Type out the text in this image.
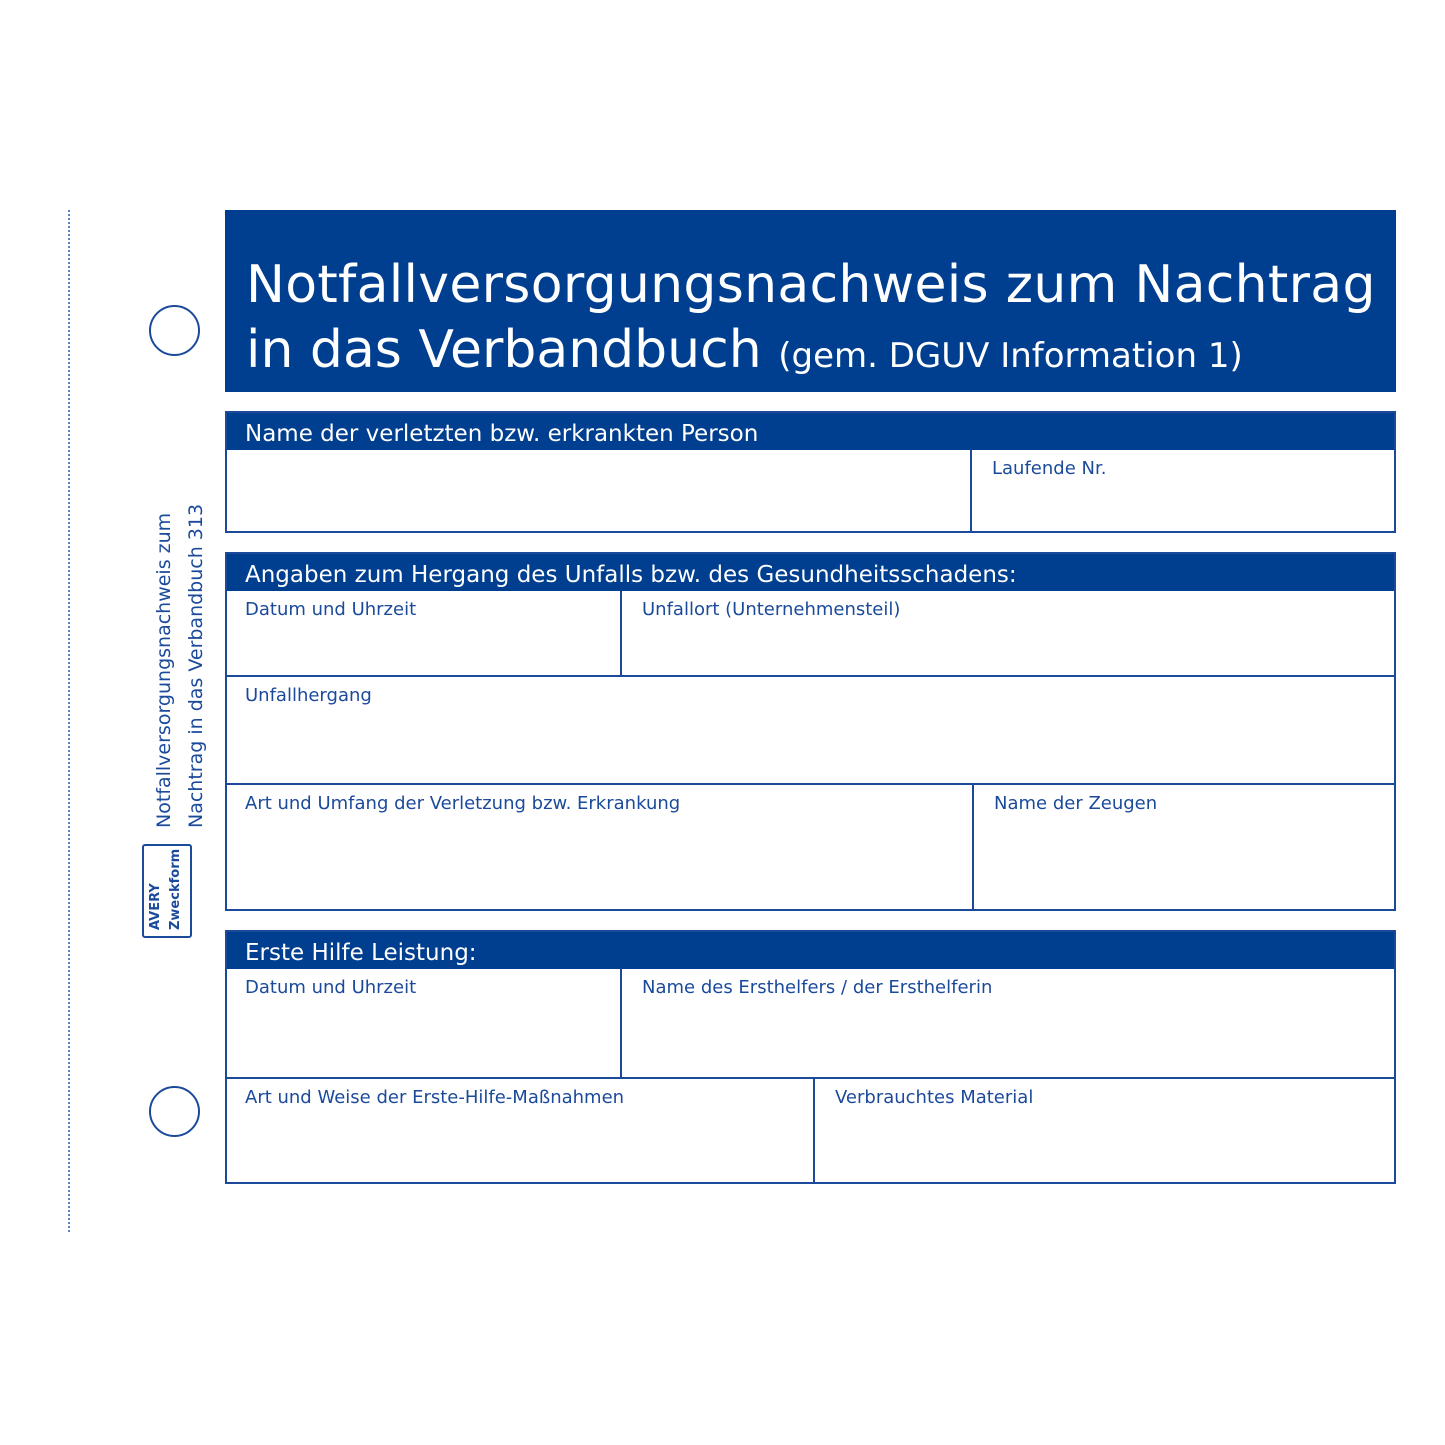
Notfallversorgungsnachweis zum Nachtrag in das Verbandbuch 313
AVERY Zweckform
Notfallversorgungsnachweis zum Nachtrag
in das Verbandbuch (gem. DGUV Information 1)
Name der verletzten bzw. erkrankten Person
Laufende Nr.
Angaben zum Hergang des Unfalls bzw. des Gesundheitsschadens:
Datum und Uhrzeit	Unfallort (Unternehmensteil)
Unfallhergang
Art und Umfang der Verletzung bzw. Erkrankung	Name der Zeugen
Erste Hilfe Leistung:
Datum und Uhrzeit	Name des Ersthelfers / der Ersthelferin
Art und Weise der Erste-Hilfe-Maßnahmen	Verbrauchtes Material
